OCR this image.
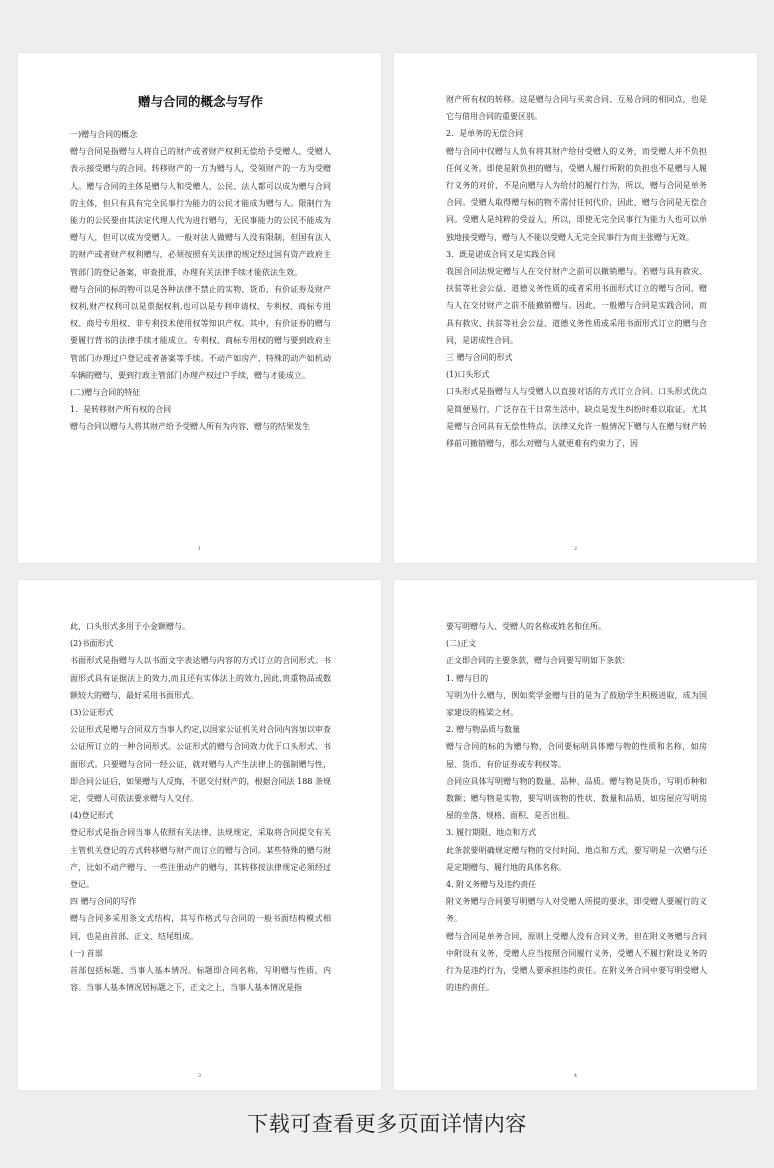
赠与合同的概念与写作

一)赠与合同的概念

赠与合同是指赠与人将自己的财产或者财产权利无偿给予受赠人，受赠人表示接受赠与的合同。转移财产的一方为赠与人，受领财产的一方为受赠人。赠与合同的主体是赠与人和受赠人，公民、法人都可以成为赠与合同的主体，但只有具有完全民事行为能力的公民才能成为赠与人。限制行为能力的公民要由其法定代理人代为进行赠与，无民事能力的公民不能成为赠与人，但可以成为受赠人。一般对法人做赠与人没有限制，但国有法人的财产或者财产权利赠与，必须按照有关法律的规定经过国有资产政府主管部门的登记备案，审查批准，办理有关法律手续才能依法生效。

赠与合同的标的物可以是各种法律不禁止的实物、货币、有价证券及财产权利,财产权利可以是票据权利,也可以是专利申请权、专利权、商标专用权、商号专用权、非专利技术使用权等知识产权。其中，有价证券的赠与要履行背书的法律手续才能成立。专利权、商标专用权的赠与要到政府主管部门办理过户登记或者备案等手续。不动产如房产、特殊的动产如机动车辆的赠与，要到行政主管部门办理产权过户手续，赠与才能成立。

(二)赠与合同的特征

1．是转移财产所有权的合同

赠与合同以赠与人将其财产给予受赠人所有为内容，赠与的结果发生

1

财产所有权的转移。这是赠与合同与买卖合同、互易合同的相同点，也是它与借用合同的重要区别。

2．是单务的无偿合同

赠与合同中仅赠与人负有将其财产给付受赠人的义务，而受赠人并不负担任何义务。即使是附负担的赠与，受赠人履行所附的负担也不是赠与人履行义务的对价，不是向赠与人为给付的履行行为，所以，赠与合同是单务合同。受赠人取得赠与标的物不需付任何代价，因此，赠与合同是无偿合同。受赠人是纯粹的受益人，所以，即使无完全民事行为能力人也可以单独地接受赠与，赠与人不能以受赠人无完全民事行为而主张赠与无效。

3．既是诺成合同又是实践合同

我国合同法规定赠与人在交付财产之前可以撤销赠与。若赠与具有救灾、扶贫等社会公益、道德义务性质的或者采用书面形式订立的赠与合同，赠与人在交付财产之前不能撤销赠与。因此，一般赠与合同是实践合同，而具有救灾、扶贫等社会公益、道德义务性质或采用书面形式订立的赠与合同，是诺成性合同。

三 赠与合同的形式

(1)口头形式

口头形式是指赠与人与受赠人以直接对话的方式订立合同。口头形式优点是简便易行，广泛存在于日常生活中，缺点是发生纠纷时难以取证。尤其是赠与合同具有无偿性特点，法律又允许一般情况下赠与人在赠与财产转移前可撤销赠与，那么对赠与人就更难有约束力了，因

2

此，口头形式多用于小金额赠与。

(2)书面形式

书面形式是指赠与人以书面文字表达赠与内容的方式订立的合同形式。书面形式具有证据法上的效力,而且还有实体法上的效力,因此,贵重物品或数额较大的赠与，最好采用书面形式。

(3)公证形式

公证形式是赠与合同双方当事人约定,以国家公证机关对合同内容加以审查公证所订立的一种合同形式。公证形式的赠与合同效力优于口头形式、书面形式。只要赠与合同一经公证，就对赠与人产生法律上的强制赠与性，即合同公证后，如果赠与人反悔，不愿交付财产的，根据合同法 188 条规定，受赠人可依法要求赠与人交付。

(4)登记形式

登记形式是指合同当事人依照有关法律、法规规定，采取将合同提交有关主管机关登记的方式转移赠与财产而订立的赠与合同。某些特殊的赠与财产，比如不动产赠与、一些注册动产的赠与，其转移按法律规定必须经过登记。

四 赠与合同的写作

赠与合同多采用条文式结构，其写作格式与合同的一般书面结构模式相同，也是由首部、正文、结尾组成。

(一) 首部

首部包括标题、当事人基本情况。标题即合同名称，写明赠与性质、内容。当事人基本情况居标题之下，正文之上，当事人基本情况是指

3

要写明赠与人、受赠人的名称或姓名和住所。

(二)正文

正文即合同的主要条款，赠与合同要写明如下条款：

1. 赠与目的

写明为什么赠与，例如奖学金赠与目的是为了鼓励学生积极进取，成为国家建设的栋梁之材。

2. 赠与物品质与数量

赠与合同的标的为赠与物，合同要标明具体赠与物的性质和名称，如房屋、货币、有价证券或专利权等。

合同应具体写明赠与物的数量、品种、品质。赠与物是货币，写明币种和数额；赠与物是实物，要写明该物的性状、数量和品质，如房屋应写明房屋的坐落、规格、面积、是否出租。

3. 履行期限、地点和方式

此条款要明确规定赠与物的交付时间、地点和方式，要写明是一次赠与还是定期赠与、履行地的具体名称。

4. 附义务赠与及违约责任

附义务赠与合同要写明赠与人对受赠人所提的要求，即受赠人要履行的义务。

赠与合同是单务合同，原则上受赠人没有合同义务，但在附义务赠与合同中附设有义务，受赠人应当按照合同履行义务，受赠人不履行附设义务的行为是违约行为，受赠人要承担违约责任。在附义务合同中要写明受赠人的违约责任。

4
下载可查看更多页面详情内容
